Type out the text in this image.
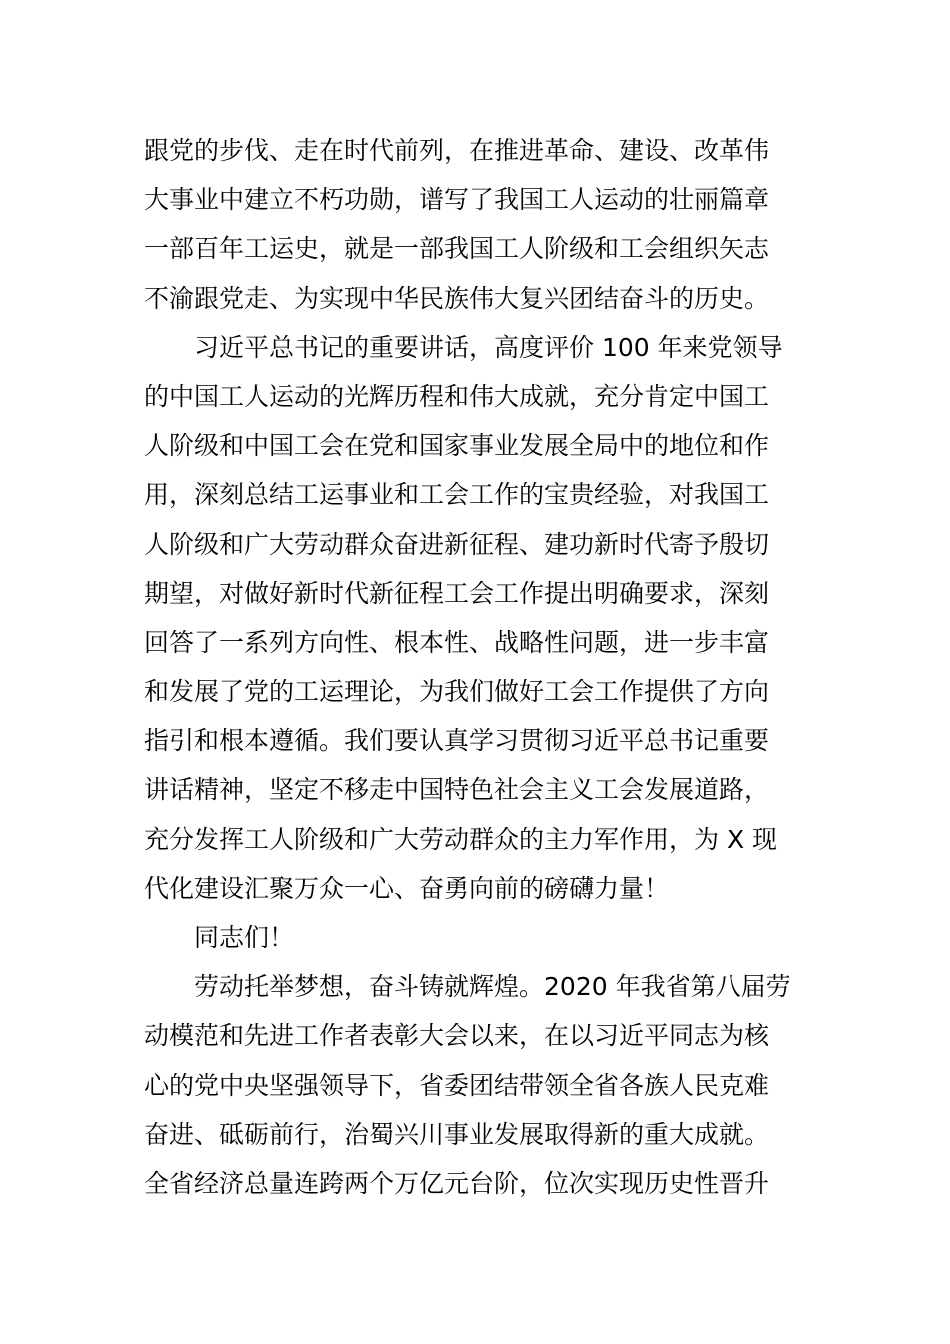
跟党的步伐、走在时代前列，在推进革命、建设、改革伟
大事业中建立不朽功勋，谱写了我国工人运动的壮丽篇章
一部百年工运史，就是一部我国工人阶级和工会组织矢志
不渝跟党走、为实现中华民族伟大复兴团结奋斗的历史。
习近平总书记的重要讲话，高度评价 100 年来党领导
的中国工人运动的光辉历程和伟大成就，充分肯定中国工
人阶级和中国工会在党和国家事业发展全局中的地位和作
用，深刻总结工运事业和工会工作的宝贵经验，对我国工
人阶级和广大劳动群众奋进新征程、建功新时代寄予殷切
期望，对做好新时代新征程工会工作提出明确要求，深刻
回答了一系列方向性、根本性、战略性问题，进一步丰富
和发展了党的工运理论，为我们做好工会工作提供了方向
指引和根本遵循。我们要认真学习贯彻习近平总书记重要
讲话精神，坚定不移走中国特色社会主义工会发展道路，
充分发挥工人阶级和广大劳动群众的主力军作用，为 X 现
代化建设汇聚万众一心、奋勇向前的磅礴力量！
同志们！
劳动托举梦想，奋斗铸就辉煌。2020 年我省第八届劳
动模范和先进工作者表彰大会以来，在以习近平同志为核
心的党中央坚强领导下，省委团结带领全省各族人民克难
奋进、砥砺前行，治蜀兴川事业发展取得新的重大成就。
全省经济总量连跨两个万亿元台阶，位次实现历史性晋升
